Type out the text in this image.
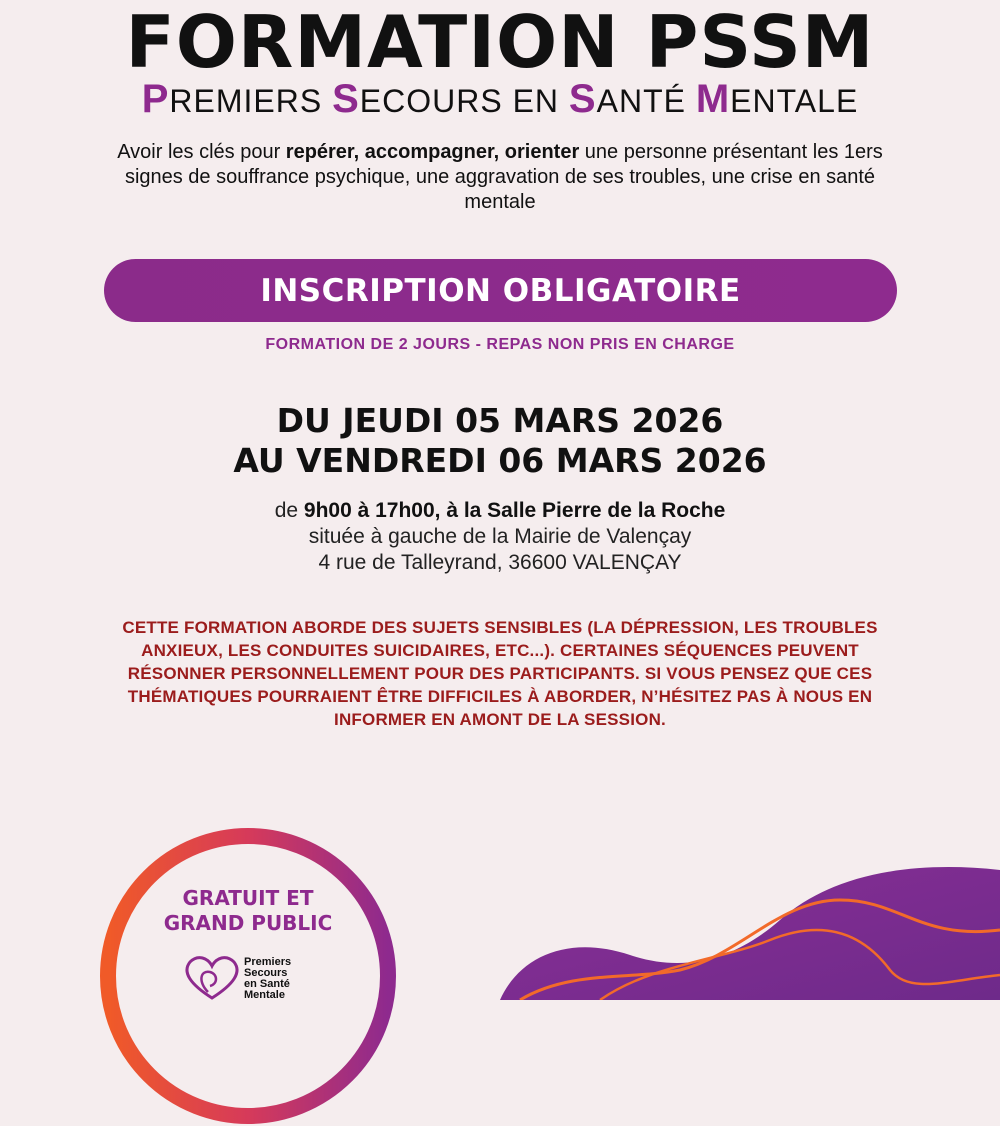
FORMATION PSSM
PREMIERS SECOURS EN SANTÉ MENTALE

Avoir les clés pour repérer, accompagner, orienter une personne présentant les 1ers signes de souffrance psychique, une aggravation de ses troubles, une crise en santé mentale

INSCRIPTION OBLIGATOIRE
FORMATION DE 2 JOURS - REPAS NON PRIS EN CHARGE
DU JEUDI 05 MARS 2026
AU VENDREDI 06 MARS 2026
de 9h00 à 17h00, à la Salle Pierre de la Roche
située à gauche de la Mairie de Valençay
4 rue de Talleyrand, 36600 VALENÇAY
CETTE FORMATION ABORDE DES SUJETS SENSIBLES (LA DÉPRESSION, LES TROUBLES ANXIEUX, LES CONDUITES SUICIDAIRES, ETC...). CERTAINES SÉQUENCES PEUVENT RÉSONNER PERSONNELLEMENT POUR DES PARTICIPANTS. SI VOUS PENSEZ QUE CES THÉMATIQUES POURRAIENT ÊTRE DIFFICILES À ABORDER, N’HÉSITEZ PAS À NOUS EN INFORMER EN AMONT DE LA SESSION.
GRATUIT ET
GRAND PUBLIC
Premiers
Secours
en Santé
Mentale
